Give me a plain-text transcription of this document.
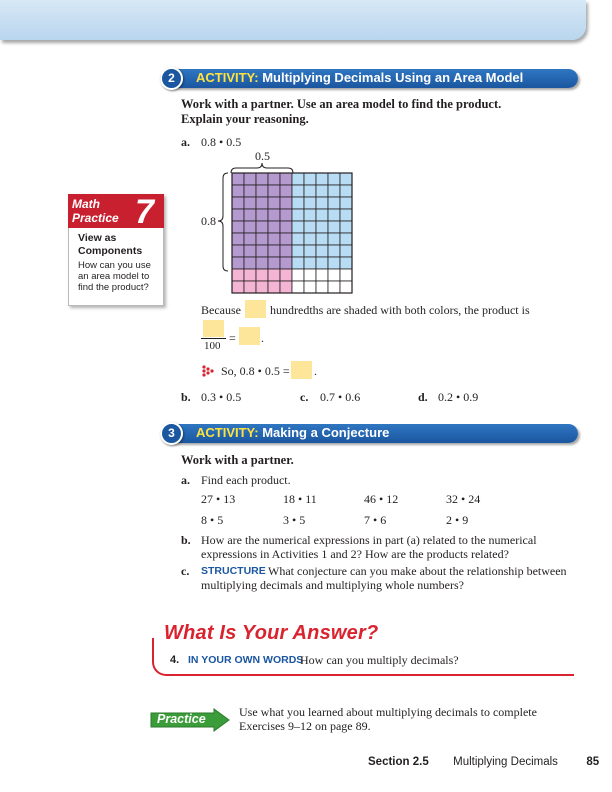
ACTIVITY: Multiplying Decimals Using an Area Model
2
Work with a partner. Use an area model to find the product.
Explain your reasoning.
a. 0.8 • 0.5
0.5
0.8
Because hundredths are shaded with both colors, the product is
100
= .
So, 0.8 • 0.5 = .
b. 0.3 • 0.5	c. 0.7 • 0.6	d. 0.2 • 0.9
Math
Practice 7
View as
Components
How can you use
an area model to
find the product?
ACTIVITY: Making a Conjecture
3
Work with a partner.
a. Find each product.
27 • 13	18 • 11	46 • 12	32 • 24
8 • 5	3 • 5	7 • 6	2 • 9
b. How are the numerical expressions in part (a) related to the numerical
expressions in Activities 1 and 2? How are the products related?
c. STRUCTURE What conjecture can you make about the relationship between
multiplying decimals and multiplying whole numbers?
What Is Your Answer?
4. IN YOUR OWN WORDS
How can you multiply decimals?
Practice	Use what you learned about multiplying decimals to complete
Exercises 9–12 on page 89.
Section 2.5 Multiplying Decimals 85
